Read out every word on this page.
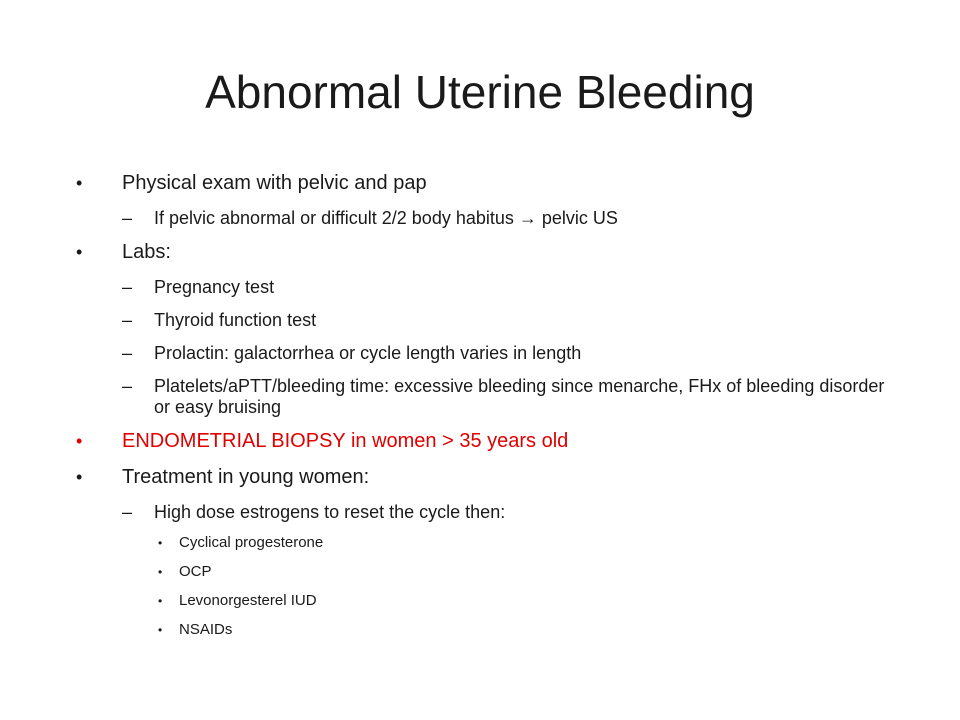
Abnormal Uterine Bleeding
• Physical exam with pelvic and pap
– If pelvic abnormal or difficult 2/2 body habitus → pelvic US
• Labs:
– Pregnancy test
– Thyroid function test
– Prolactin: galactorrhea or cycle length varies in length
– Platelets/aPTT/bleeding time: excessive bleeding since menarche, FHx of bleeding disorder or easy bruising
• ENDOMETRIAL BIOPSY in women > 35 years old
• Treatment in young women:
– High dose estrogens to reset the cycle then:
• Cyclical progesterone
• OCP
• Levonorgesterel IUD
• NSAIDs
